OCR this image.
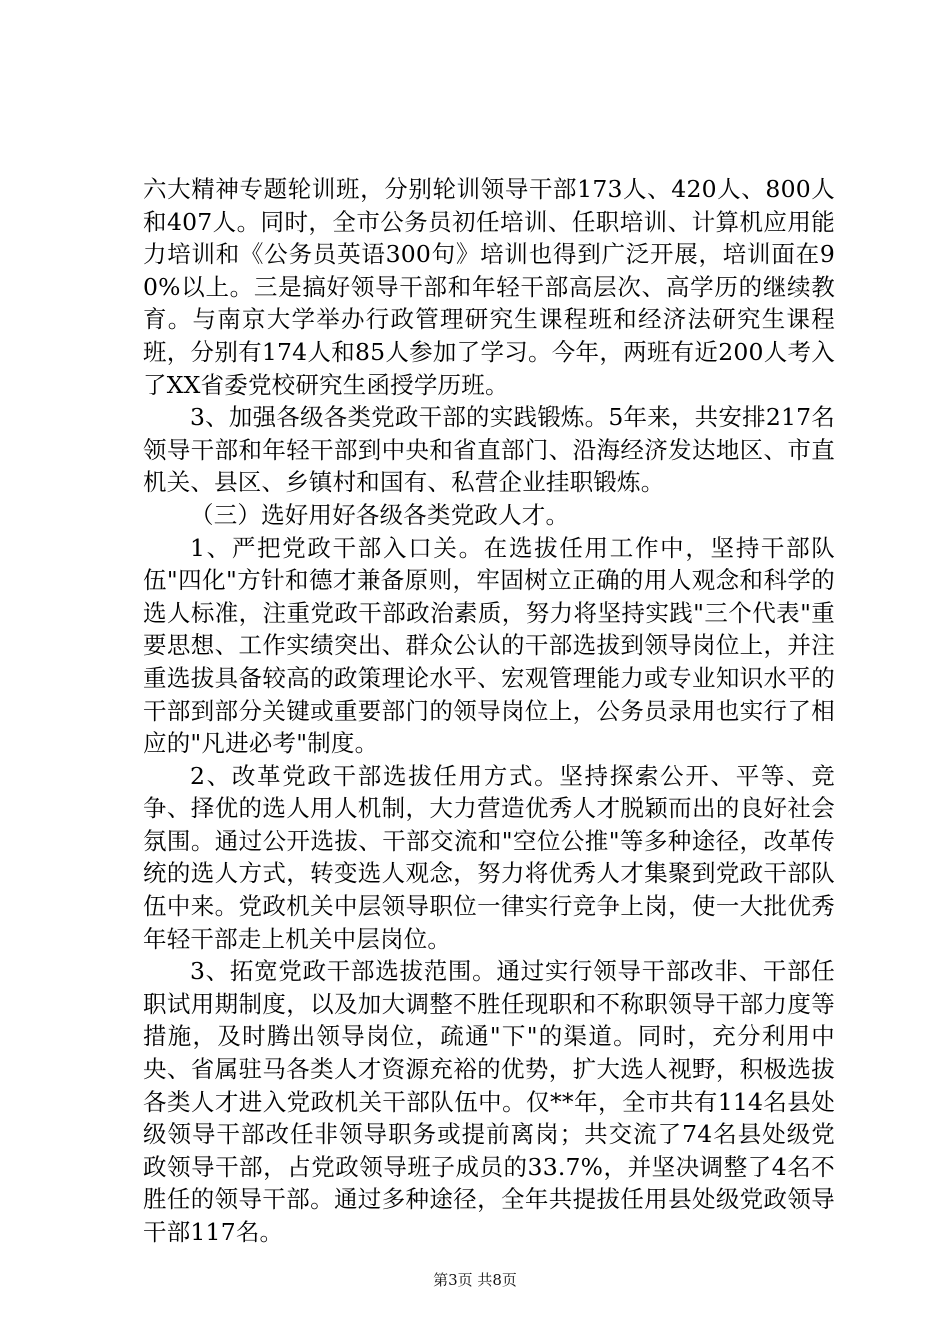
六大精神专题轮训班，分别轮训领导干部173人、420人、800人和407人。同时，全市公务员初任培训、任职培训、计算机应用能力培训和《公务员英语300句》培训也得到广泛开展，培训面在90%以上。三是搞好领导干部和年轻干部高层次、高学历的继续教育。与南京大学举办行政管理研究生课程班和经济法研究生课程班，分别有174人和85人参加了学习。今年，两班有近200人考入了XX省委党校研究生函授学历班。

3、加强各级各类党政干部的实践锻炼。5年来，共安排217名领导干部和年轻干部到中央和省直部门、沿海经济发达地区、市直机关、县区、乡镇村和国有、私营企业挂职锻炼。

（三）选好用好各级各类党政人才。

1、严把党政干部入口关。在选拔任用工作中，坚持干部队伍"四化"方针和德才兼备原则，牢固树立正确的用人观念和科学的选人标准，注重党政干部政治素质，努力将坚持实践"三个代表"重要思想、工作实绩突出、群众公认的干部选拔到领导岗位上，并注重选拔具备较高的政策理论水平、宏观管理能力或专业知识水平的干部到部分关键或重要部门的领导岗位上，公务员录用也实行了相应的"凡进必考"制度。

2、改革党政干部选拔任用方式。坚持探索公开、平等、竞争、择优的选人用人机制，大力营造优秀人才脱颖而出的良好社会氛围。通过公开选拔、干部交流和"空位公推"等多种途径，改革传统的选人方式，转变选人观念，努力将优秀人才集聚到党政干部队伍中来。党政机关中层领导职位一律实行竞争上岗，使一大批优秀年轻干部走上机关中层岗位。

3、拓宽党政干部选拔范围。通过实行领导干部改非、干部任职试用期制度，以及加大调整不胜任现职和不称职领导干部力度等措施，及时腾出领导岗位，疏通"下"的渠道。同时，充分利用中央、省属驻马各类人才资源充裕的优势，扩大选人视野，积极选拔各类人才进入党政机关干部队伍中。仅**年，全市共有114名县处级领导干部改任非领导职务或提前离岗；共交流了74名县处级党政领导干部，占党政领导班子成员的33.7%，并坚决调整了4名不胜任的领导干部。通过多种途径，全年共提拔任用县处级党政领导干部117名。

第3页 共8页
